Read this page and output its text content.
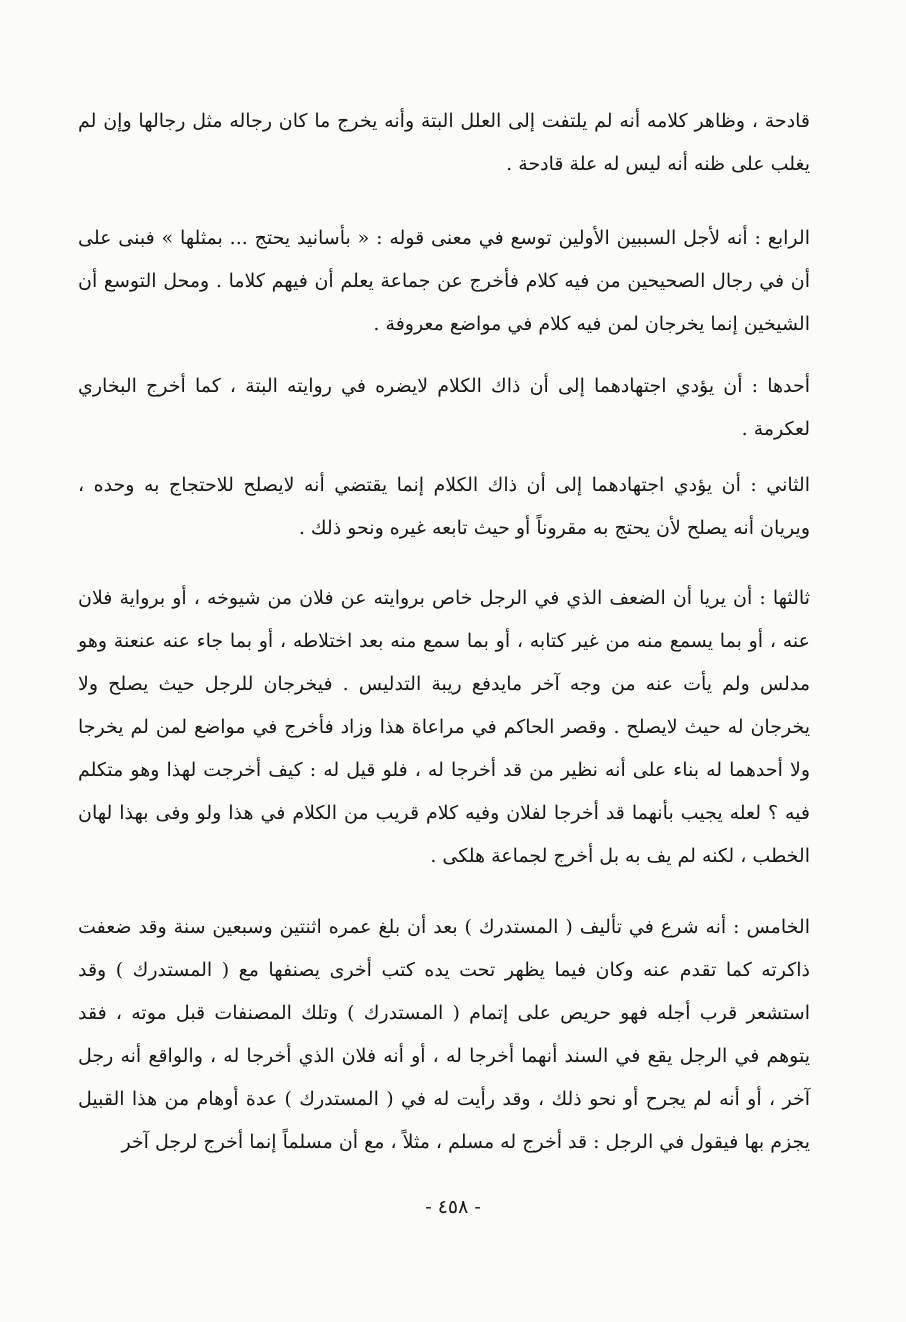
قادحة ، وظاهر كلامه أنه لم يلتفت إلى العلل البتة وأنه يخرج ما كان رجاله مثل رجالها وإن لم يغلب على ظنه أنه ليس له علة قادحة .
الرابع : أنه لأجل السببين الأولين توسع في معنى قوله : « بأسانيد يحتج ... بمثلها » فبنى على أن في رجال الصحيحين من فيه كلام فأخرج عن جماعة يعلم أن فيهم كلاما . ومحل التوسع أن الشيخين إنما يخرجان لمن فيه كلام في مواضع معروفة .
أحدها : أن يؤدي اجتهادهما إلى أن ذاك الكلام لايضره في روايته البتة ، كما أخرج البخاري لعكرمة .
الثاني : أن يؤدي اجتهادهما إلى أن ذاك الكلام إنما يقتضي أنه لايصلح للاحتجاج به وحده ، ويريان أنه يصلح لأن يحتج به مقروناً أو حيث تابعه غيره ونحو ذلك .
ثالثها : أن يريا أن الضعف الذي في الرجل خاص بروايته عن فلان من شيوخه ، أو برواية فلان عنه ، أو بما يسمع منه من غير كتابه ، أو بما سمع منه بعد اختلاطه ، أو بما جاء عنه عنعنة وهو مدلس ولم يأت عنه من وجه آخر مايدفع ريبة التدليس . فيخرجان للرجل حيث يصلح ولا يخرجان له حيث لايصلح . وقصر الحاكم في مراعاة هذا وزاد فأخرج في مواضع لمن لم يخرجا ولا أحدهما له بناء على أنه نظير من قد أخرجا له ، فلو قيل له : كيف أخرجت لهذا وهو متكلم فيه ؟ لعله يجيب بأنهما قد أخرجا لفلان وفيه كلام قريب من الكلام في هذا ولو وفى بهذا لهان الخطب ، لكنه لم يف به بل أخرج لجماعة هلكى .
الخامس : أنه شرع في تأليف ( المستدرك ) بعد أن بلغ عمره اثنتين وسبعين سنة وقد ضعفت ذاكرته كما تقدم عنه وكان فيما يظهر تحت يده كتب أخرى يصنفها مع ( المستدرك ) وقد استشعر قرب أجله فهو حريص على إتمام ( المستدرك ) وتلك المصنفات قبل موته ، فقد يتوهم في الرجل يقع في السند أنهما أخرجا له ، أو أنه فلان الذي أخرجا له ، والواقع أنه رجل آخر ، أو أنه لم يجرح أو نحو ذلك ، وقد رأيت له في ( المستدرك ) عدة أوهام من هذا القبيل يجزم بها فيقول في الرجل : قد أخرج له مسلم ، مثلاً ، مع أن مسلماً إنما أخرج لرجل آخر
- ٤٥٨ -
